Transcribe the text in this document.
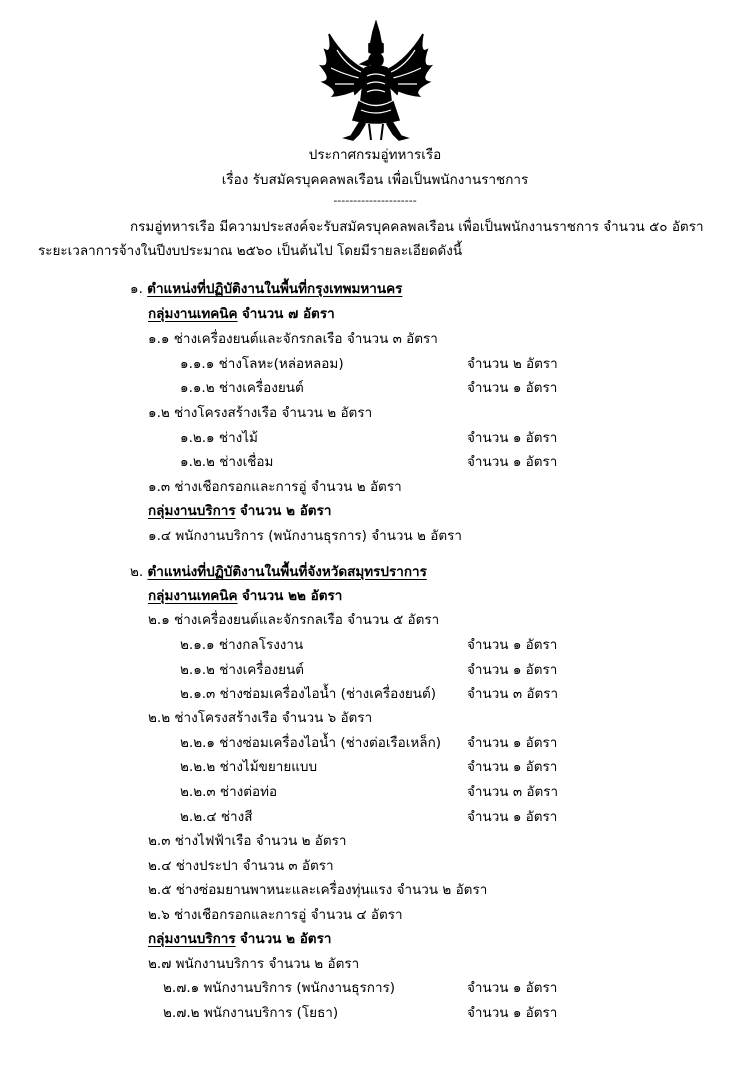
ประกาศกรมอู่ทหารเรือ
เรื่อง รับสมัครบุคคลพลเรือน เพื่อเป็นพนักงานราชการ
---------------------
กรมอู่ทหารเรือ มีความประสงค์จะรับสมัครบุคคลพลเรือน เพื่อเป็นพนักงานราชการ จำนวน ๕๐ อัตรา
ระยะเวลาการจ้างในปีงบประมาณ ๒๕๖๐ เป็นต้นไป โดยมีรายละเอียดดังนี้
๑. ตำแหน่งที่ปฏิบัติงานในพื้นที่กรุงเทพมหานคร
กลุ่มงานเทคนิค จำนวน ๗ อัตรา
๑.๑ ช่างเครื่องยนต์และจักรกลเรือ จำนวน ๓ อัตรา
๑.๑.๑ ช่างโลหะ(หล่อหลอม)	จำนวน ๒ อัตรา
๑.๑.๒ ช่างเครื่องยนต์	จำนวน ๑ อัตรา
๑.๒ ช่างโครงสร้างเรือ จำนวน ๒ อัตรา
๑.๒.๑ ช่างไม้	จำนวน ๑ อัตรา
๑.๒.๒ ช่างเชื่อม	จำนวน ๑ อัตรา
๑.๓ ช่างเชือกรอกและการอู่ จำนวน ๒ อัตรา
กลุ่มงานบริการ จำนวน ๒ อัตรา
๑.๔ พนักงานบริการ (พนักงานธุรการ) จำนวน ๒ อัตรา
๒. ตำแหน่งที่ปฏิบัติงานในพื้นที่จังหวัดสมุทรปราการ
กลุ่มงานเทคนิค จำนวน ๒๒ อัตรา
๒.๑ ช่างเครื่องยนต์และจักรกลเรือ จำนวน ๕ อัตรา
๒.๑.๑ ช่างกลโรงงาน	จำนวน ๑ อัตรา
๒.๑.๒ ช่างเครื่องยนต์	จำนวน ๑ อัตรา
๒.๑.๓ ช่างซ่อมเครื่องไอน้ำ (ช่างเครื่องยนต์) จำนวน ๓ อัตรา
๒.๒ ช่างโครงสร้างเรือ จำนวน ๖ อัตรา
๒.๒.๑ ช่างซ่อมเครื่องไอน้ำ (ช่างต่อเรือเหล็ก) จำนวน ๑ อัตรา
๒.๒.๒ ช่างไม้ขยายแบบ	จำนวน ๑ อัตรา
๒.๒.๓ ช่างต่อท่อ	จำนวน ๓ อัตรา
๒.๒.๔ ช่างสี	จำนวน ๑ อัตรา
๒.๓ ช่างไฟฟ้าเรือ จำนวน ๒ อัตรา
๒.๔ ช่างประปา จำนวน ๓ อัตรา
๒.๕ ช่างซ่อมยานพาหนะและเครื่องทุ่นแรง จำนวน ๒ อัตรา
๒.๖ ช่างเชือกรอกและการอู่ จำนวน ๔ อัตรา
กลุ่มงานบริการ จำนวน ๒ อัตรา
๒.๗ พนักงานบริการ จำนวน ๒ อัตรา
๒.๗.๑ พนักงานบริการ (พนักงานธุรการ)	จำนวน ๑ อัตรา
๒.๗.๒ พนักงานบริการ (โยธา)	จำนวน ๑ อัตรา
